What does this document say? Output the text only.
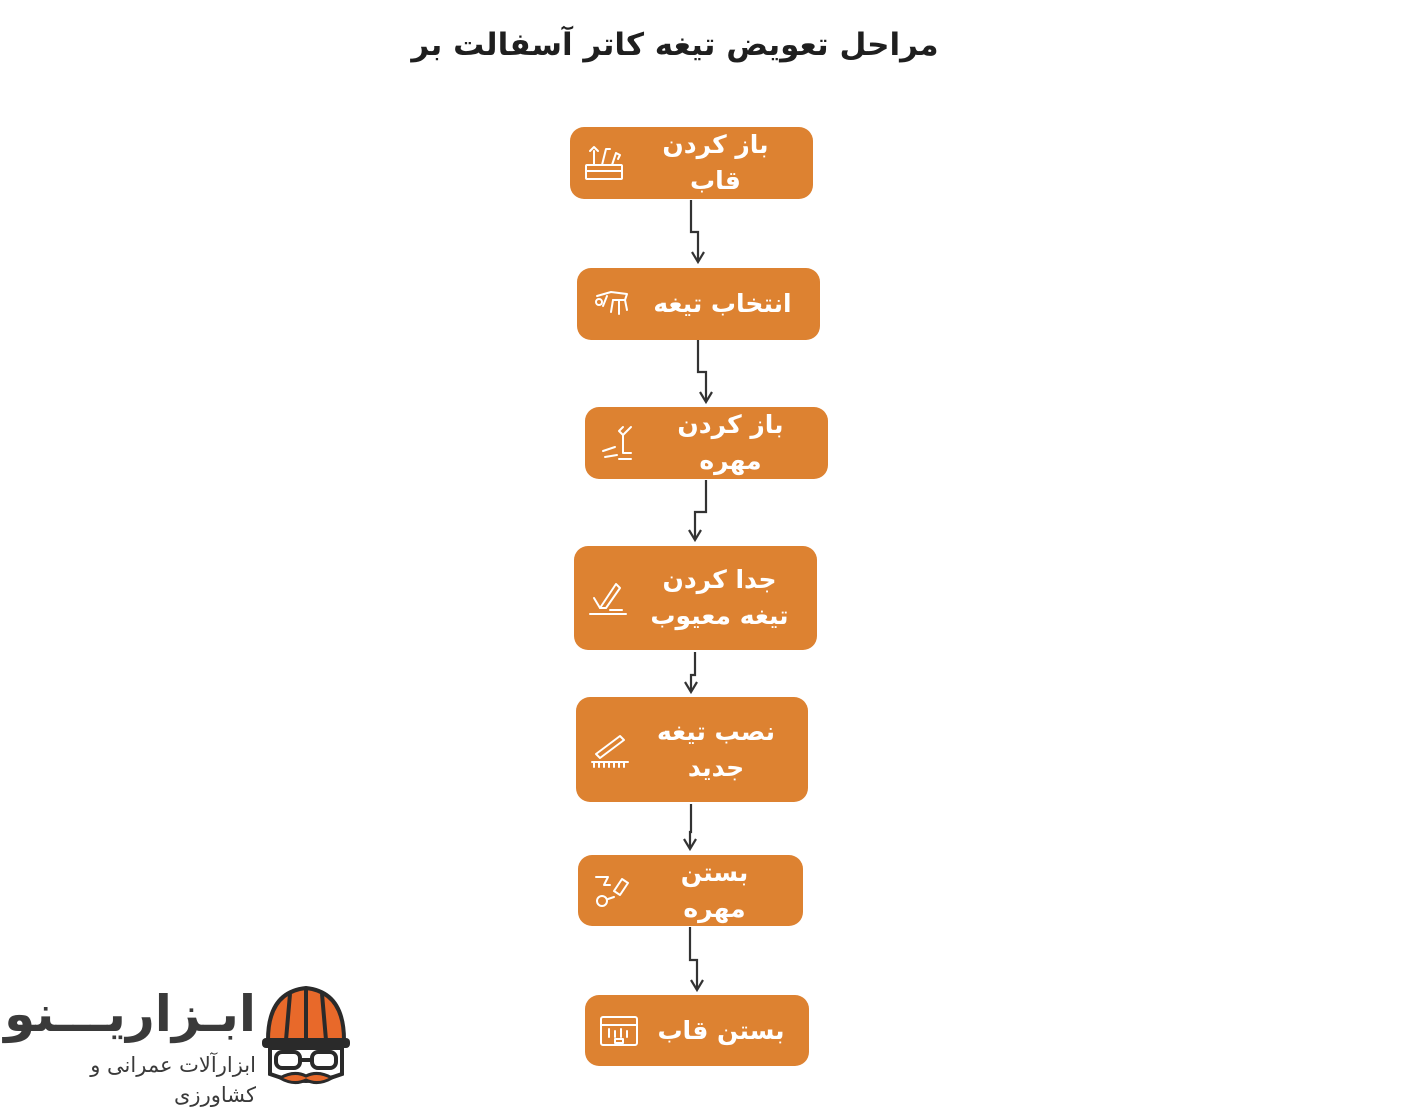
مراحل تعویض تیغه کاتر آسفالت بر
باز کردن قاب
انتخاب تیغه
باز کردن مهره
جدا کردن تیغه معیوب
نصب تیغه جدید
بستن مهره
بستن قاب
ابـزاریـــنو
ابزارآلات عمرانی و کشاورزی
